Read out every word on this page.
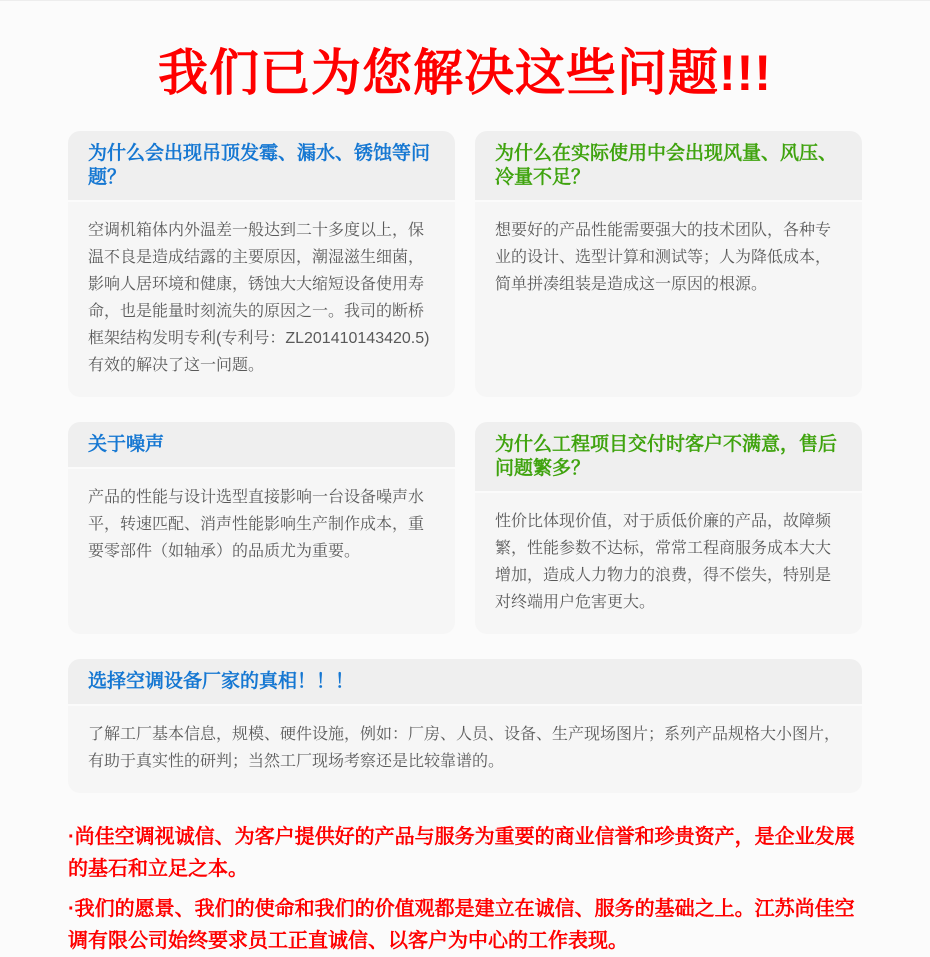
我们已为您解决这些问题!!!
为什么会出现吊顶发霉、漏水、锈蚀等问题？
空调机箱体内外温差一般达到二十多度以上，保温不良是造成结露的主要原因，潮湿滋生细菌，影响人居环境和健康，锈蚀大大缩短设备使用寿命，也是能量时刻流失的原因之一。我司的断桥框架结构发明专利(专利号：ZL201410143420.5)有效的解决了这一问题。
为什么在实际使用中会出现风量、风压、冷量不足？
想要好的产品性能需要强大的技术团队，各种专业的设计、选型计算和测试等；人为降低成本，简单拼凑组装是造成这一原因的根源。
关于噪声
产品的性能与设计选型直接影响一台设备噪声水平，转速匹配、消声性能影响生产制作成本，重要零部件（如轴承）的品质尤为重要。
为什么工程项目交付时客户不满意，售后问题繁多？
性价比体现价值，对于质低价廉的产品，故障频繁，性能参数不达标，常常工程商服务成本大大增加，造成人力物力的浪费，得不偿失，特别是对终端用户危害更大。
选择空调设备厂家的真相！！！
了解工厂基本信息，规模、硬件设施，例如：厂房、人员、设备、生产现场图片；系列产品规格大小图片，有助于真实性的研判；当然工厂现场考察还是比较靠谱的。

·尚佳空调视诚信、为客户提供好的产品与服务为重要的商业信誉和珍贵资产，是企业发展的基石和立足之本。

·我们的愿景、我们的使命和我们的价值观都是建立在诚信、服务的基础之上。江苏尚佳空调有限公司始终要求员工正直诚信、以客户为中心的工作表现。
